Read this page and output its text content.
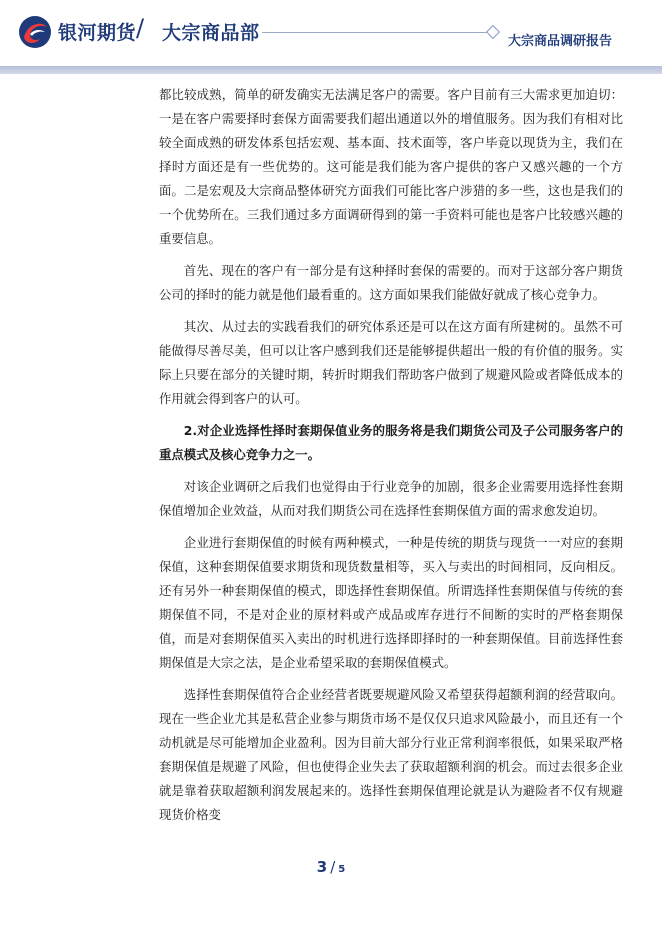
银河期货 / 大宗商品部	大宗商品调研报告

都比较成熟，简单的研发确实无法满足客户的需要。客户目前有三大需求更加迫切：一是在客户需要择时套保方面需要我们超出通道以外的增值服务。因为我们有相对比较全面成熟的研发体系包括宏观、基本面、技术面等，客户毕竟以现货为主，我们在择时方面还是有一些优势的。这可能是我们能为客户提供的客户又感兴趣的一个方面。二是宏观及大宗商品整体研究方面我们可能比客户涉猎的多一些，这也是我们的一个优势所在。三我们通过多方面调研得到的第一手资料可能也是客户比较感兴趣的重要信息。

首先、现在的客户有一部分是有这种择时套保的需要的。而对于这部分客户期货公司的择时的能力就是他们最看重的。这方面如果我们能做好就成了核心竞争力。

其次、从过去的实践看我们的研究体系还是可以在这方面有所建树的。虽然不可能做得尽善尽美，但可以让客户感到我们还是能够提供超出一般的有价值的服务。实际上只要在部分的关键时期，转折时期我们帮助客户做到了规避风险或者降低成本的作用就会得到客户的认可。

2.对企业选择性择时套期保值业务的服务将是我们期货公司及子公司服务客户的重点模式及核心竞争力之一。

对该企业调研之后我们也觉得由于行业竞争的加剧，很多企业需要用选择性套期保值增加企业效益，从而对我们期货公司在选择性套期保值方面的需求愈发迫切。

企业进行套期保值的时候有两种模式，一种是传统的期货与现货一一对应的套期保值，这种套期保值要求期货和现货数量相等，买入与卖出的时间相同，反向相反。还有另外一种套期保值的模式，即选择性套期保值。所谓选择性套期保值与传统的套期保值不同，不是对企业的原材料或产成品或库存进行不间断的实时的严格套期保值，而是对套期保值买入卖出的时机进行选择即择时的一种套期保值。目前选择性套期保值是大宗之法，是企业希望采取的套期保值模式。

选择性套期保值符合企业经营者既要规避风险又希望获得超额利润的经营取向。现在一些企业尤其是私营企业参与期货市场不是仅仅只追求风险最小，而且还有一个动机就是尽可能增加企业盈利。因为目前大部分行业正常利润率很低，如果采取严格套期保值是规避了风险，但也使得企业失去了获取超额利润的机会。而过去很多企业就是靠着获取超额利润发展起来的。选择性套期保值理论就是认为避险者不仅有规避现货价格变

3 / 5
